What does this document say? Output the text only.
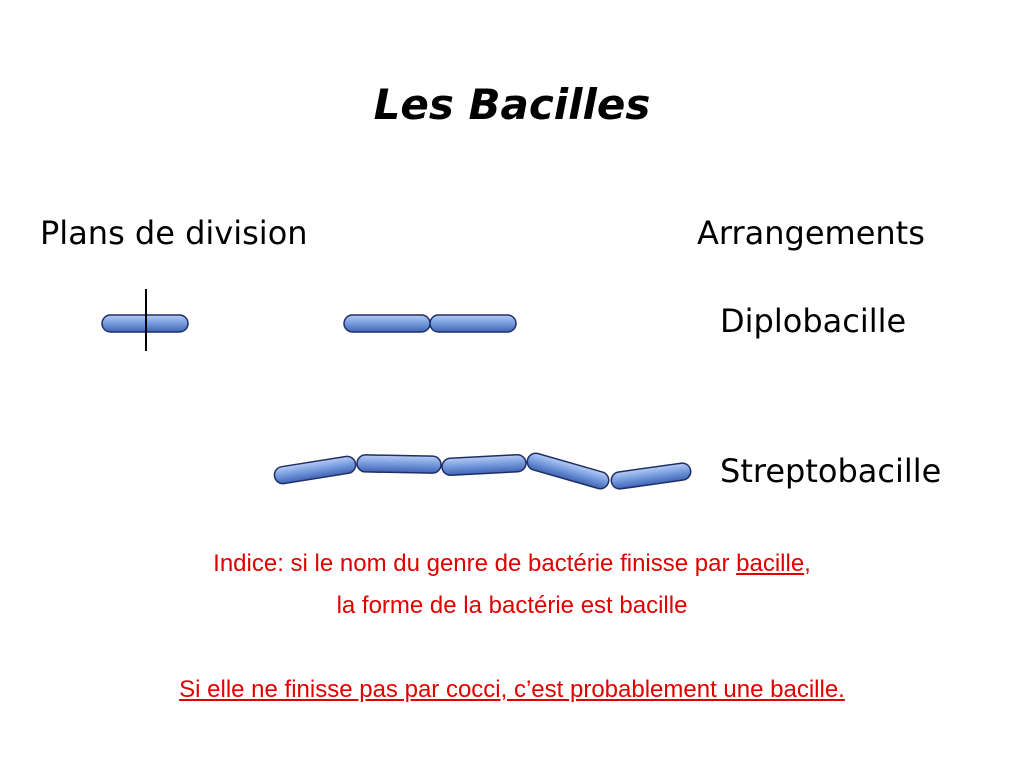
Les Bacilles
Plans de division	Arrangements
Diplobacille
Streptobacille
Indice: si le nom du genre de bactérie finisse par bacille,
la forme de la bactérie est bacille
Si elle ne finisse pas par cocci, c’est probablement une bacille.
